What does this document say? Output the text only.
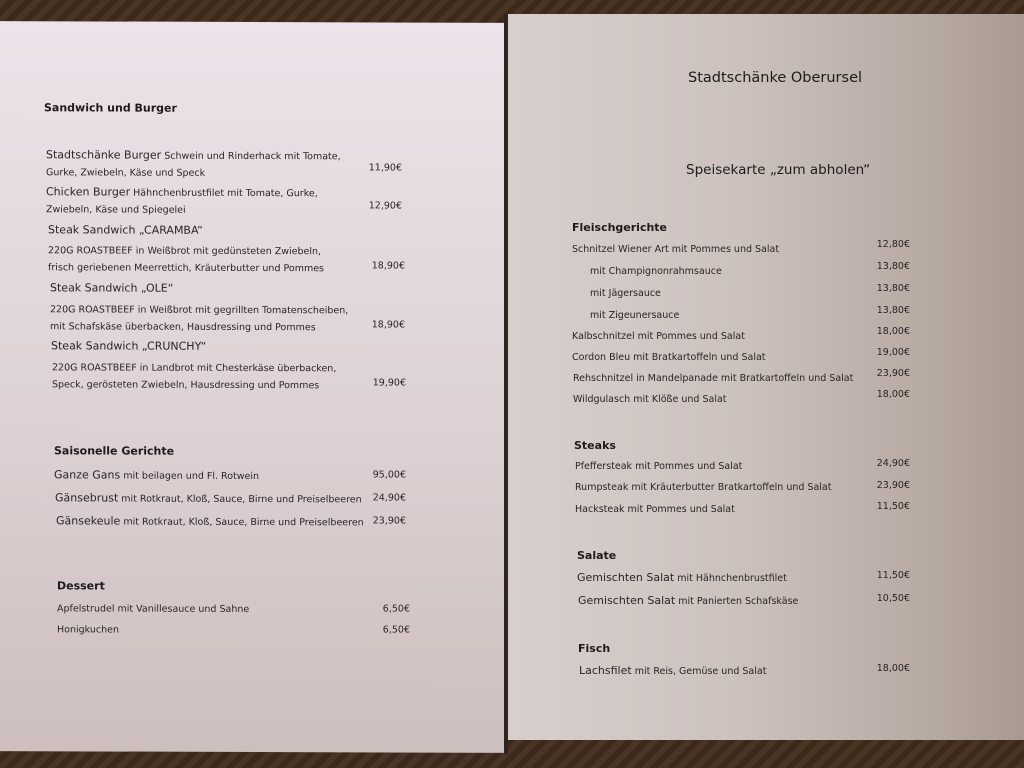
Sandwich und Burger
Stadtschänke Burger Schwein und Rinderhack mit Tomate,
Gurke, Zwiebeln, Käse und Speck	11,90€
Chicken Burger Hähnchenbrustfilet mit Tomate, Gurke,
Zwiebeln, Käse und Spiegelei	12,90€
Steak Sandwich „CARAMBA“
220G ROASTBEEF in Weißbrot mit gedünsteten Zwiebeln,
frisch geriebenen Meerrettich, Kräuterbutter und Pommes	18,90€
Steak Sandwich „OLE“
220G ROASTBEEF in Weißbrot mit gegrillten Tomatenscheiben,
mit Schafskäse überbacken, Hausdressing und Pommes	18,90€
Steak Sandwich „CRUNCHY“
220G ROASTBEEF in Landbrot mit Chesterkäse überbacken,
Speck, gerösteten Zwiebeln, Hausdressing und Pommes	19,90€
Saisonelle Gerichte
Ganze Gans mit beilagen und Fl. Rotwein	95,00€
Gänsebrust mit Rotkraut, Kloß, Sauce, Birne und Preiselbeeren	24,90€
Gänsekeule mit Rotkraut, Kloß, Sauce, Birne und Preiselbeeren 23,90€
Dessert
Apfelstrudel mit Vanillesauce und Sahne	6,50€
Honigkuchen	6,50€
Stadtschänke Oberursel
Speisekarte „zum abholen“
Fleischgerichte
Schnitzel Wiener Art mit Pommes und Salat	12,80€
mit Champignonrahmsauce	13,80€
mit Jägersauce	13,80€
mit Zigeunersauce	13,80€
Kalbschnitzel mit Pommes und Salat	18,00€
Cordon Bleu mit Bratkartoffeln und Salat	19,00€
Rehschnitzel in Mandelpanade mit Bratkartoffeln und Salat	23,90€
Wildgulasch mit Klöße und Salat	18,00€
Steaks
Pfeffersteak mit Pommes und Salat	24,90€
Rumpsteak mit Kräuterbutter Bratkartoffeln und Salat	23,90€
Hacksteak mit Pommes und Salat	11,50€
Salate
Gemischten Salat mit Hähnchenbrustfilet	11,50€
Gemischten Salat mit Panierten Schafskäse	10,50€
Fisch
Lachsfilet mit Reis, Gemüse und Salat	18,00€
